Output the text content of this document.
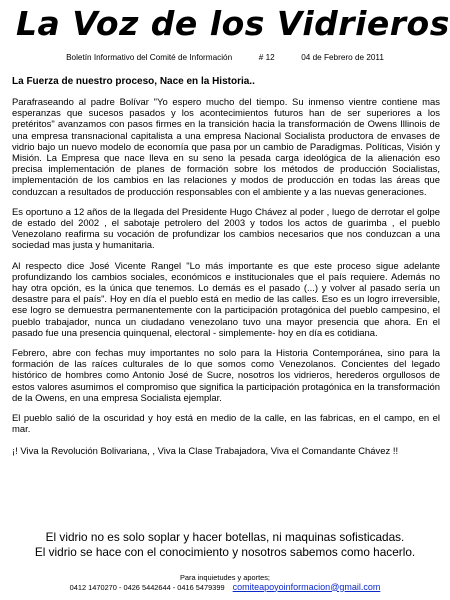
La Voz de los Vidrieros
Boletín Informativo del Comité de Información	# 12	04 de Febrero de 2011

La Fuerza de nuestro proceso, Nace en la Historia..

Parafraseando al padre Bolívar "Yo espero mucho del tiempo. Su inmenso vientre contiene mas esperanzas que sucesos pasados y los acontecimientos futuros han de ser superiores a los pretéritos" avanzamos con pasos firmes en la transición hacia la transformación de Owens Illinois de una empresa transnacional capitalista a una empresa Nacional Socialista productora de envases de vidrio bajo un nuevo modelo de economía que pasa por un cambio de Paradigmas. Políticas, Visión y Misión. La Empresa que nace lleva en su seno la pesada carga ideológica de la alienación eso precisa implementación de planes de formación sobre los métodos de producción Socialistas, implementación de los cambios en las relaciones y modos de producción en todas las áreas que conduzcan a resultados de producción responsables con el ambiente y a las nuevas generaciones.

Es oportuno a 12 años de la llegada del Presidente Hugo Chávez al poder , luego de derrotar el golpe de estado del 2002 , el sabotaje petrolero del 2003 y todos los actos de guarimba , el pueblo Venezolano reafirma su vocación de profundizar los cambios necesarios que nos conduzcan a una sociedad mas justa y humanitaria.

Al respecto dice José Vicente Rangel "Lo más importante es que este proceso sigue adelante profundizando los cambios sociales, económicos e institucionales que el país requiere. Además no hay otra opción, es la única que tenemos. Lo demás es el pasado (...) y volver al pasado sería un desastre para el país". Hoy en día el pueblo está en medio de las calles. Eso es un logro irreversible, ese logro se demuestra permanentemente con la participación protagónica del pueblo campesino, el pueblo trabajador, nunca un ciudadano venezolano tuvo una mayor presencia que ahora. En el pasado fue una presencia quinquenal, electoral - simplemente- hoy en día es cotidiana.

Febrero, abre con fechas muy importantes no solo para la Historia Contemporánea, sino para la formación de las raíces culturales de lo que somos como Venezolanos. Concientes del legado histórico de hombres como Antonio José de Sucre, nosotros los vidrieros, herederos orgullosos de estos valores asumimos el compromiso que significa la participación protagónica en la transformación de la Owens, en una empresa Socialista ejemplar.

El pueblo salió de la oscuridad y hoy está en medio de la calle, en las fabricas, en el campo, en el mar.

¡! Viva la Revolución Bolivariana, , Viva la Clase Trabajadora, Viva el Comandante Chávez !!

El vidrio no es solo soplar y hacer botellas, ni maquinas sofisticadas.
El vidrio se hace con el conocimiento y nosotros sabemos como hacerlo.
Para inquietudes y aportes;
0412 1470270 - 0426 5442644 - 0416 5479399 comiteapoyoinformacion@gmail.com
